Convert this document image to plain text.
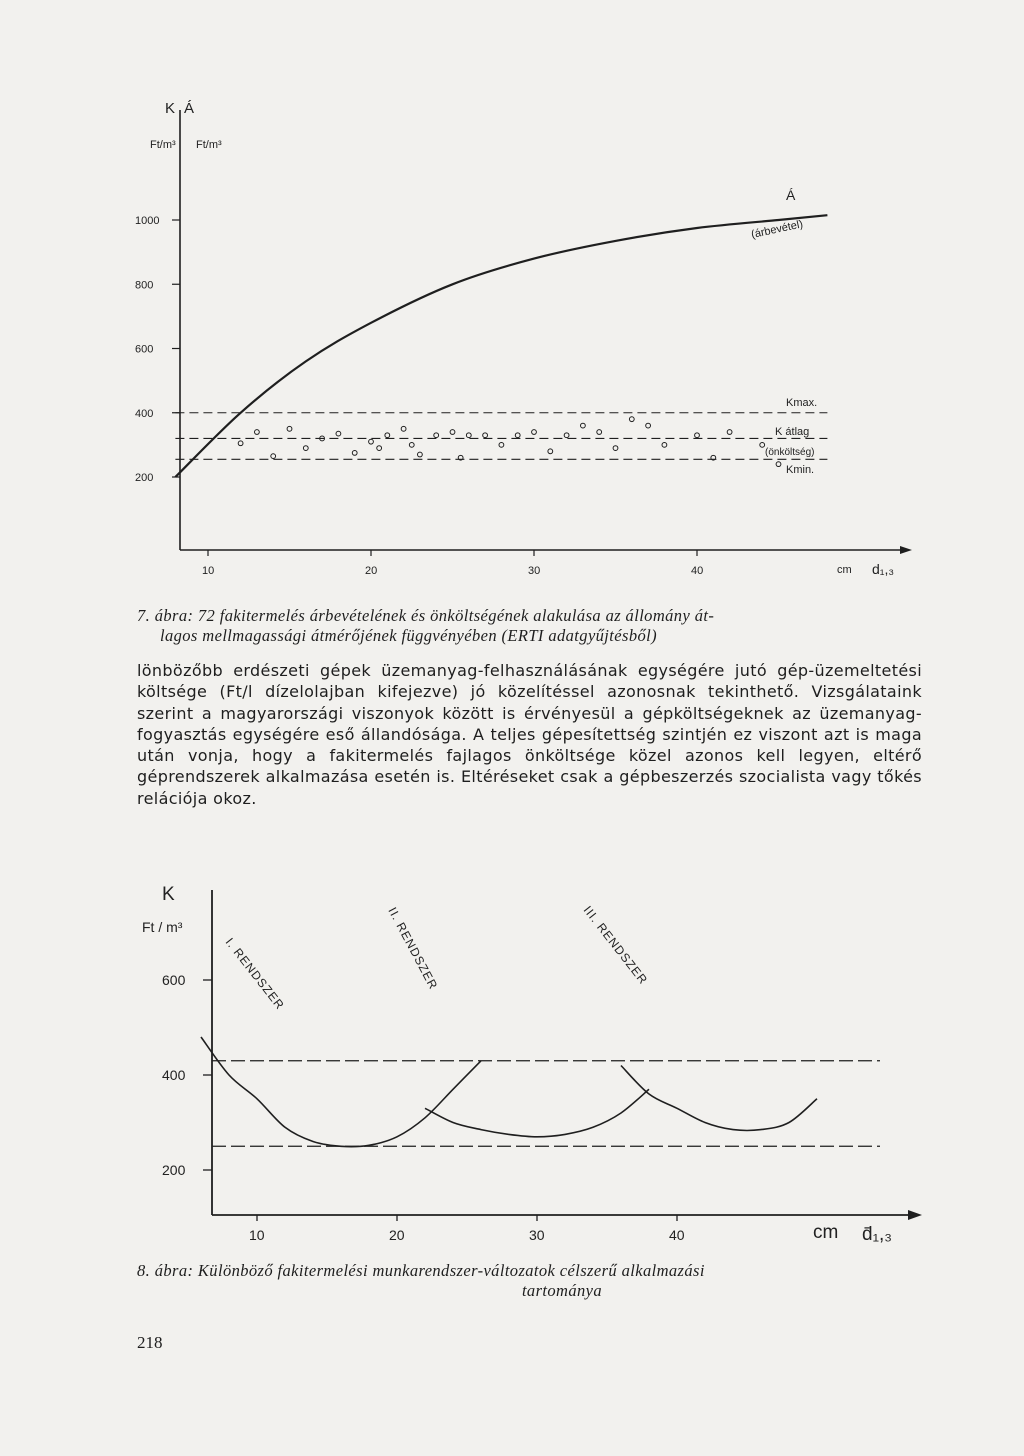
200
400
600
800
1000
10	20	30	40
K Á
Ft/m³ Ft/m³
Á
(árbevétel)
Kmax.
K átlag
(önköltség)
Kmin.
cm d₁,₃
7. ábra: 72 fakitermelés árbevételének és önköltségének alakulása az állomány át-
lagos mellmagassági átmérőjének függvényében (ERTI adatgyűjtésből)

lönbözőbb erdészeti gépek üzemanyag-felhasználásának egységére jutó gép-üzemeltetési költsége (Ft/l dízelolajban kifejezve) jó közelítéssel azonosnak tekinthető. Vizsgálataink szerint a magyarországi viszonyok között is érvényesül a gépköltségeknek az üzemanyag-fogyasztás egységére eső állandósága. A teljes gépesítettség szintjén ez viszont azt is maga után vonja, hogy a fakitermelés fajlagos önköltsége közel azonos kell legyen, eltérő géprendszerek alkalmazása esetén is. Eltéréseket csak a gépbeszerzés szocialista vagy tőkés relációja okoz.

200
400
600
10	20	30	40
K
Ft / m³
cm d̄₁,₃
I. RENDSZER	II. RENDSZER	III. RENDSZER
8. ábra: Különböző fakitermelési munkarendszer-változatok célszerű alkalmazási
tartománya
218
